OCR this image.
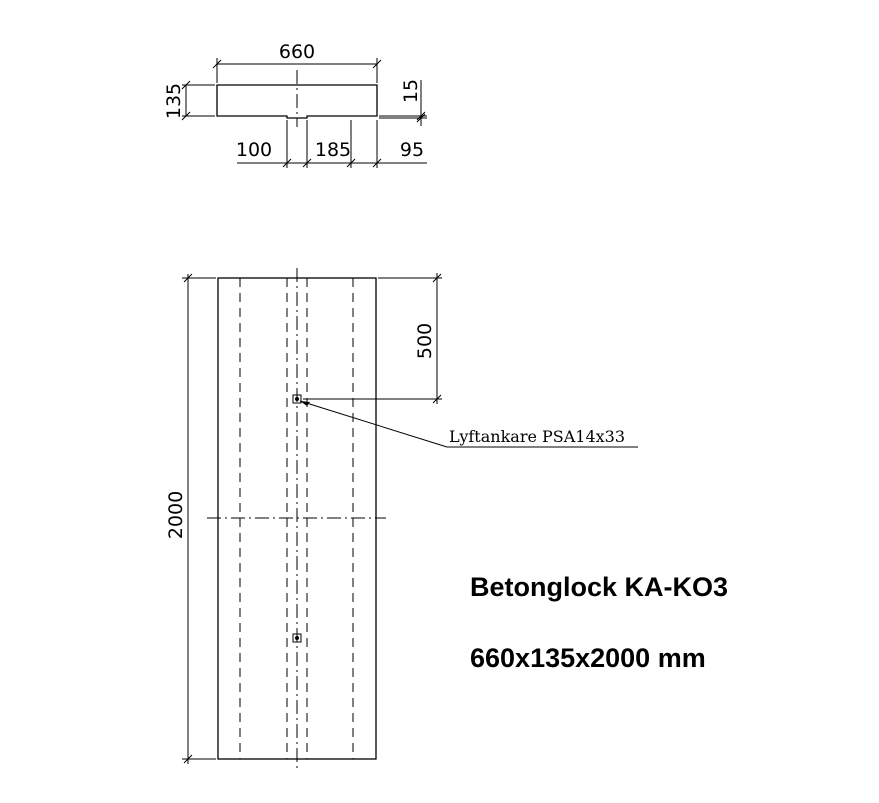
660
135	15
100 185	95
2000
500
Lyftankare PSA14x33
Betonglock KA-KO3
660x135x2000 mm
